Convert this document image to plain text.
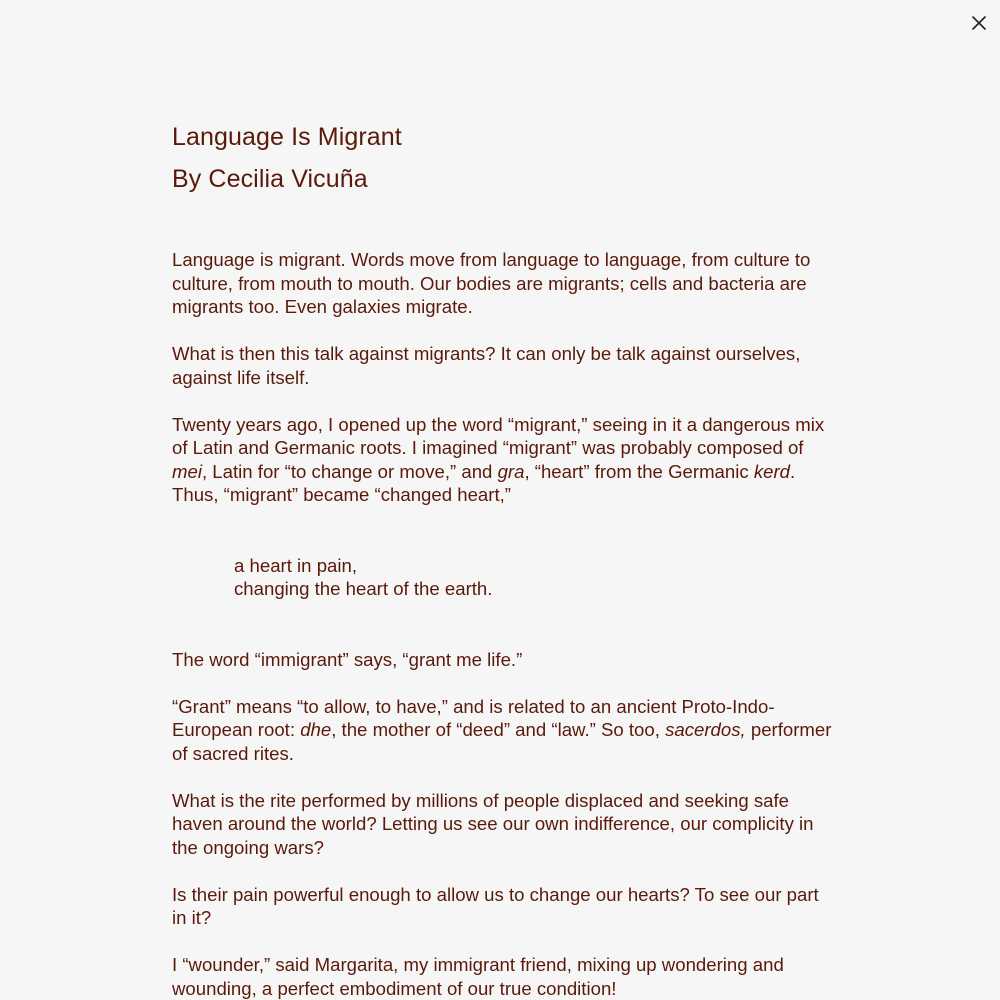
Language Is Migrant
By Cecilia Vicuña

Language is migrant. Words move from language to language, from culture to culture, from mouth to mouth. Our bodies are migrants; cells and bacteria are migrants too. Even galaxies migrate.

What is then this talk against migrants? It can only be talk against ourselves, against life itself.

Twenty years ago, I opened up the word “migrant,” seeing in it a dangerous mix of Latin and Germanic roots. I imagined “migrant” was probably composed of mei, Latin for “to change or move,” and gra, “heart” from the Germanic kerd. Thus, “migrant” became “changed heart,”

a heart in pain,
changing the heart of the earth.

The word “immigrant” says, “grant me life.”

“Grant” means “to allow, to have,” and is related to an ancient Proto-Indo-European root: dhe, the mother of “deed” and “law.” So too, sacerdos, performer of sacred rites.

What is the rite performed by millions of people displaced and seeking safe haven around the world? Letting us see our own indifference, our complicity in the ongoing wars?

Is their pain powerful enough to allow us to change our hearts? To see our part in it?

I “wounder,” said Margarita, my immigrant friend, mixing up wondering and wounding, a perfect embodiment of our true condition!
